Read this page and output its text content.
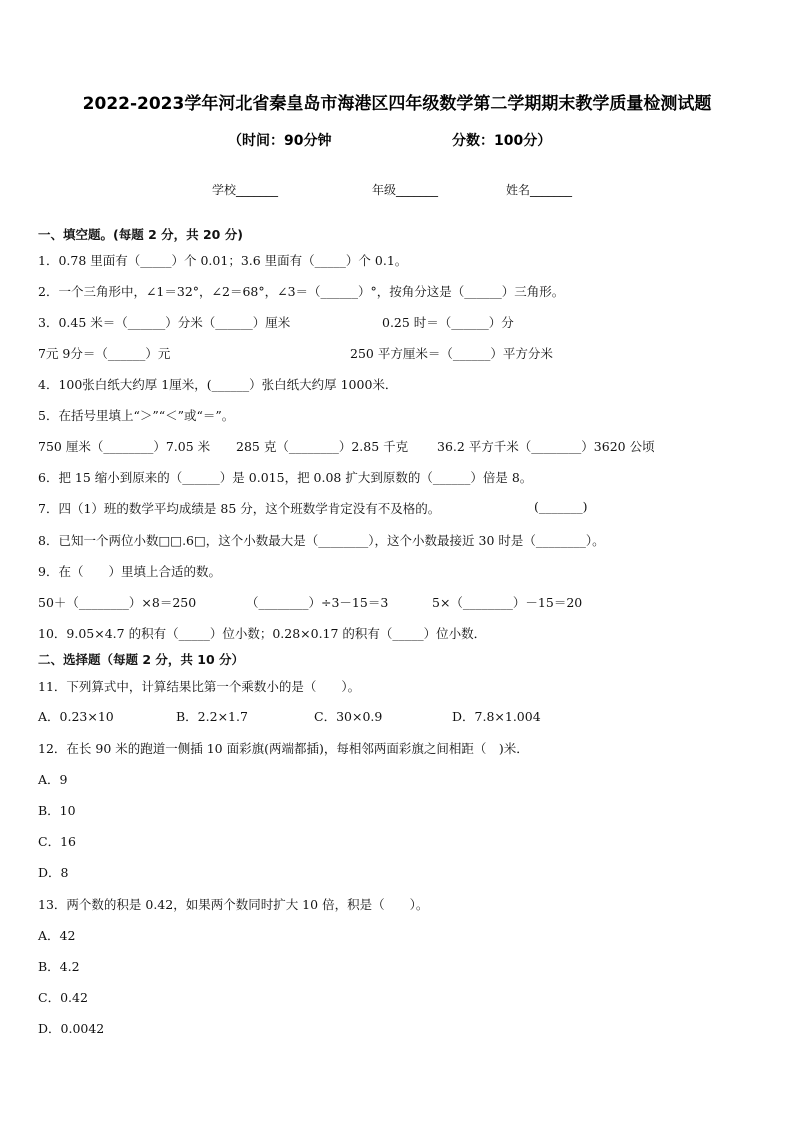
2022-2023学年河北省秦皇岛市海港区四年级数学第二学期期末教学质量检测试题
（时间：90分钟	分数：100分）
学校_______	年级_______	姓名_______
一、填空题。(每题 2 分，共 20 分)
1．0.78 里面有（_____）个 0.01；3.6 里面有（_____）个 0.1。
2．一个三角形中，∠1＝32°，∠2＝68°，∠3＝（______）°，按角分这是（______）三角形。
3．0.45 米＝（______）分米（______）厘米	0.25 时＝（______）分
7元 9分＝（______）元	250 平方厘米＝（______）平方分米
4．100张白纸大约厚 1厘米，(______）张白纸大约厚 1000米．
5．在括号里填上“＞”“＜”或“＝”。
750 厘米（________）7.05 米 285 克（________）2.85 千克 36.2 平方千米（________）3620 公顷
6．把 15 缩小到原来的（______）是 0.015，把 0.08 扩大到原数的（______）倍是 8。
7．四（1）班的数学平均成绩是 85 分，这个班数学肯定没有不及格的。	(_______)
8．已知一个两位小数□□.6□，这个小数最大是（________），这个小数最接近 30 时是（________）。
9．在（　　）里填上合适的数。
50＋（________）×8＝250	（________）÷3－15＝3	5×（________）－15＝20
10．9.05×4.7 的积有（_____）位小数；0.28×0.17 的积有（_____）位小数．
二、选择题（每题 2 分，共 10 分）
11．下列算式中，计算结果比第一个乘数小的是（　　）。
A．0.23×10	B．2.2×1.7	C．30×0.9	D．7.8×1.004
12．在长 90 米的跑道一侧插 10 面彩旗(两端都插)，每相邻两面彩旗之间相距（　)米．
A．9
B．10
C．16
D．8
13．两个数的积是 0.42，如果两个数同时扩大 10 倍，积是（　　）。
A．42
B．4.2
C．0.42
D．0.0042
